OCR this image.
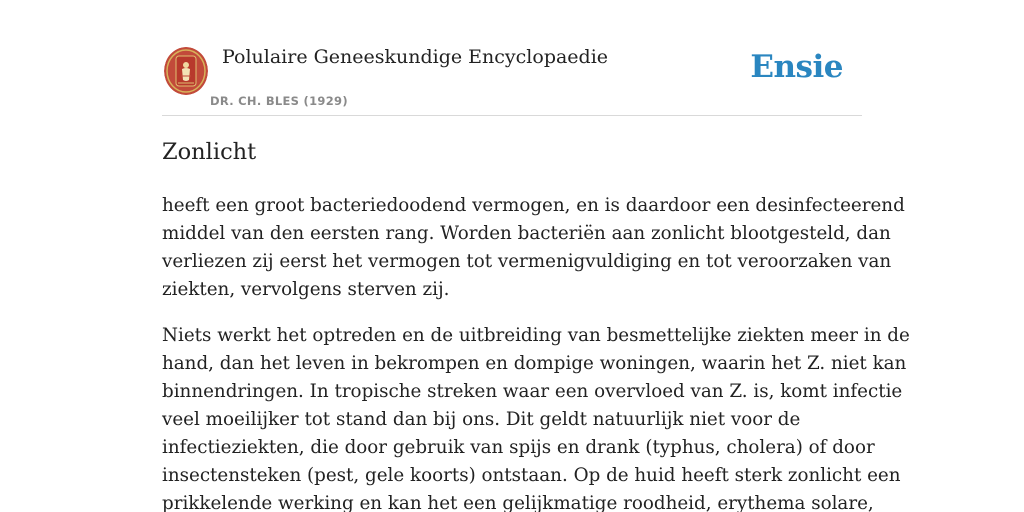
Polulaire Geneeskundige Encyclopaedie
DR. CH. BLES (1929)
Ensie
Zonlicht

heeft een groot bacteriedoodend vermogen, en is daardoor een desinfecteerend
middel van den eersten rang. Worden bacteriën aan zonlicht blootgesteld, dan
verliezen zij eerst het vermogen tot vermenigvuldiging en tot veroorzaken van
ziekten, vervolgens sterven zij.

Niets werkt het optreden en de uitbreiding van besmettelijke ziekten meer in de
hand, dan het leven in bekrompen en dompige woningen, waarin het Z. niet kan
binnendringen. In tropische streken waar een overvloed van Z. is, komt infectie
veel moeilijker tot stand dan bij ons. Dit geldt natuurlijk niet voor de
infectieziekten, die door gebruik van spijs en drank (typhus, cholera) of door
insectensteken (pest, gele koorts) ontstaan. Op de huid heeft sterk zonlicht een
prikkelende werking en kan het een gelijkmatige roodheid, erythema solare,
